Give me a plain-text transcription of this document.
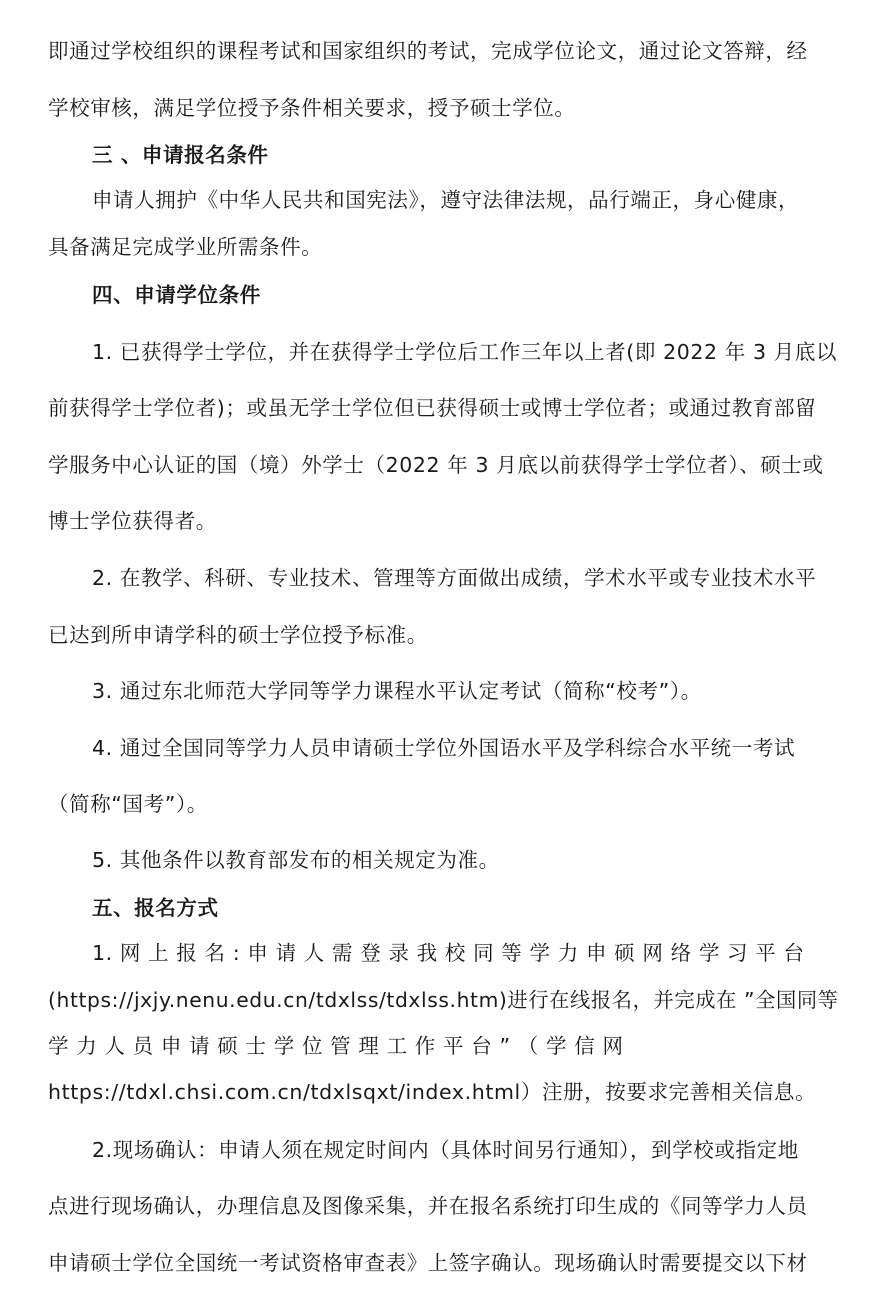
即通过学校组织的课程考试和国家组织的考试，完成学位论文，通过论文答辩，经
学校审核，满足学位授予条件相关要求，授予硕士学位。
三 、申请报名条件
申请人拥护《中华人民共和国宪法》，遵守法律法规，品行端正，身心健康，
具备满足完成学业所需条件。
四、申请学位条件
1. 已获得学士学位，并在获得学士学位后工作三年以上者(即 2022 年 3 月底以
前获得学士学位者)；或虽无学士学位但已获得硕士或博士学位者；或通过教育部留
学服务中心认证的国（境）外学士（2022 年 3 月底以前获得学士学位者）、硕士或
博士学位获得者。
2. 在教学、科研、专业技术、管理等方面做出成绩，学术水平或专业技术水平
已达到所申请学科的硕士学位授予标准。
3. 通过东北师范大学同等学力课程水平认定考试（简称“校考”）。
4. 通过全国同等学力人员申请硕士学位外国语水平及学科综合水平统一考试
（简称“国考”）。
5. 其他条件以教育部发布的相关规定为准。
五、报名方式
1. 网 上 报 名 : 申 请 人 需 登 录 我 校 同 等 学 力 申 硕 网 络 学 习 平 台
(https://jxjy.nenu.edu.cn/tdxlss/tdxlss.htm)进行在线报名，并完成在 ”全国同等
学 力 人 员 申 请 硕 士 学 位 管 理 工 作 平 台 ” （ 学 信 网
https://tdxl.chsi.com.cn/tdxlsqxt/index.html）注册，按要求完善相关信息。
2.现场确认：申请人须在规定时间内（具体时间另行通知），到学校或指定地
点进行现场确认，办理信息及图像采集，并在报名系统打印生成的《同等学力人员
申请硕士学位全国统一考试资格审查表》上签字确认。现场确认时需要提交以下材
